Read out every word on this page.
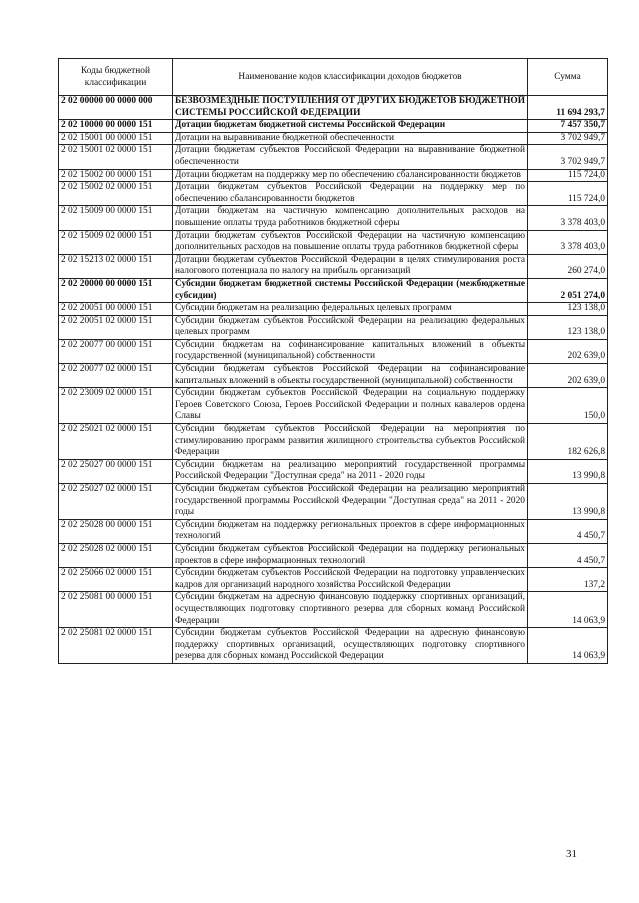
Коды бюджетной классификации	Наименование кодов классификации доходов бюджетов	Сумма
2 02 00000 00 0000 000	БЕЗВОЗМЕЗДНЫЕ ПОСТУПЛЕНИЯ ОТ ДРУГИХ БЮДЖЕТОВ БЮДЖЕТНОЙ СИСТЕМЫ РОССИЙСКОЙ ФЕДЕРАЦИИ	11 694 293,7
2 02 10000 00 0000 151	Дотации бюджетам бюджетной системы Российской Федерации	7 457 350,7
2 02 15001 00 0000 151	Дотации на выравнивание бюджетной обеспеченности	3 702 949,7
2 02 15001 02 0000 151	Дотации бюджетам субъектов Российской Федерации на выравнивание бюджетной обеспеченности	3 702 949,7
2 02 15002 00 0000 151	Дотации бюджетам на поддержку мер по обеспечению сбалансированности бюджетов	115 724,0
2 02 15002 02 0000 151	Дотации бюджетам субъектов Российской Федерации на поддержку мер по обеспечению сбалансированности бюджетов	115 724,0
2 02 15009 00 0000 151	Дотации бюджетам на частичную компенсацию дополнительных расходов на повышение оплаты труда работников бюджетной сферы	3 378 403,0
2 02 15009 02 0000 151	Дотации бюджетам субъектов Российской Федерации на частичную компенсацию дополнительных расходов на повышение оплаты труда работников бюджетной сферы	3 378 403,0
2 02 15213 02 0000 151	Дотации бюджетам субъектов Российской Федерации в целях стимулирования роста налогового потенциала по налогу на прибыль организаций	260 274,0
2 02 20000 00 0000 151	Субсидии бюджетам бюджетной системы Российской Федерации (межбюджетные субсидии)	2 051 274,0
2 02 20051 00 0000 151	Субсидии бюджетам на реализацию федеральных целевых программ	123 138,0
2 02 20051 02 0000 151	Субсидии бюджетам субъектов Российской Федерации на реализацию федеральных целевых программ	123 138,0
2 02 20077 00 0000 151	Субсидии бюджетам на софинансирование капитальных вложений в объекты государственной (муниципальной) собственности	202 639,0
2 02 20077 02 0000 151	Субсидии бюджетам субъектов Российской Федерации на софинансирование капитальных вложений в объекты государственной (муниципальной) собственности	202 639,0
2 02 23009 02 0000 151	Субсидии бюджетам субъектов Российской Федерации на социальную поддержку Героев Советского Союза, Героев Российской Федерации и полных кавалеров ордена Славы	150,0
2 02 25021 02 0000 151	Субсидии бюджетам субъектов Российской Федерации на мероприятия по стимулированию программ развития жилищного строительства субъектов Российской Федерации	182 626,8
2 02 25027 00 0000 151	Субсидии бюджетам на реализацию мероприятий государственной программы Российской Федерации "Доступная среда" на 2011 - 2020 годы	13 990,8
2 02 25027 02 0000 151	Субсидии бюджетам субъектов Российской Федерации на реализацию мероприятий государственной программы Российской Федерации "Доступная среда" на 2011 - 2020 годы	13 990,8
2 02 25028 00 0000 151	Субсидии бюджетам на поддержку региональных проектов в сфере информационных технологий	4 450,7
2 02 25028 02 0000 151	Субсидии бюджетам субъектов Российской Федерации на поддержку региональных проектов в сфере информационных технологий	4 450,7
2 02 25066 02 0000 151	Субсидии бюджетам субъектов Российской Федерации на подготовку управленческих кадров для организаций народного хозяйства Российской Федерации	137,2
2 02 25081 00 0000 151	Субсидии бюджетам на адресную финансовую поддержку спортивных организаций, осуществляющих подготовку спортивного резерва для сборных команд Российской Федерации	14 063,9
2 02 25081 02 0000 151	Субсидии бюджетам субъектов Российской Федерации на адресную финансовую поддержку спортивных организаций, осуществляющих подготовку спортивного резерва для сборных команд Российской Федерации	14 063,9
31
